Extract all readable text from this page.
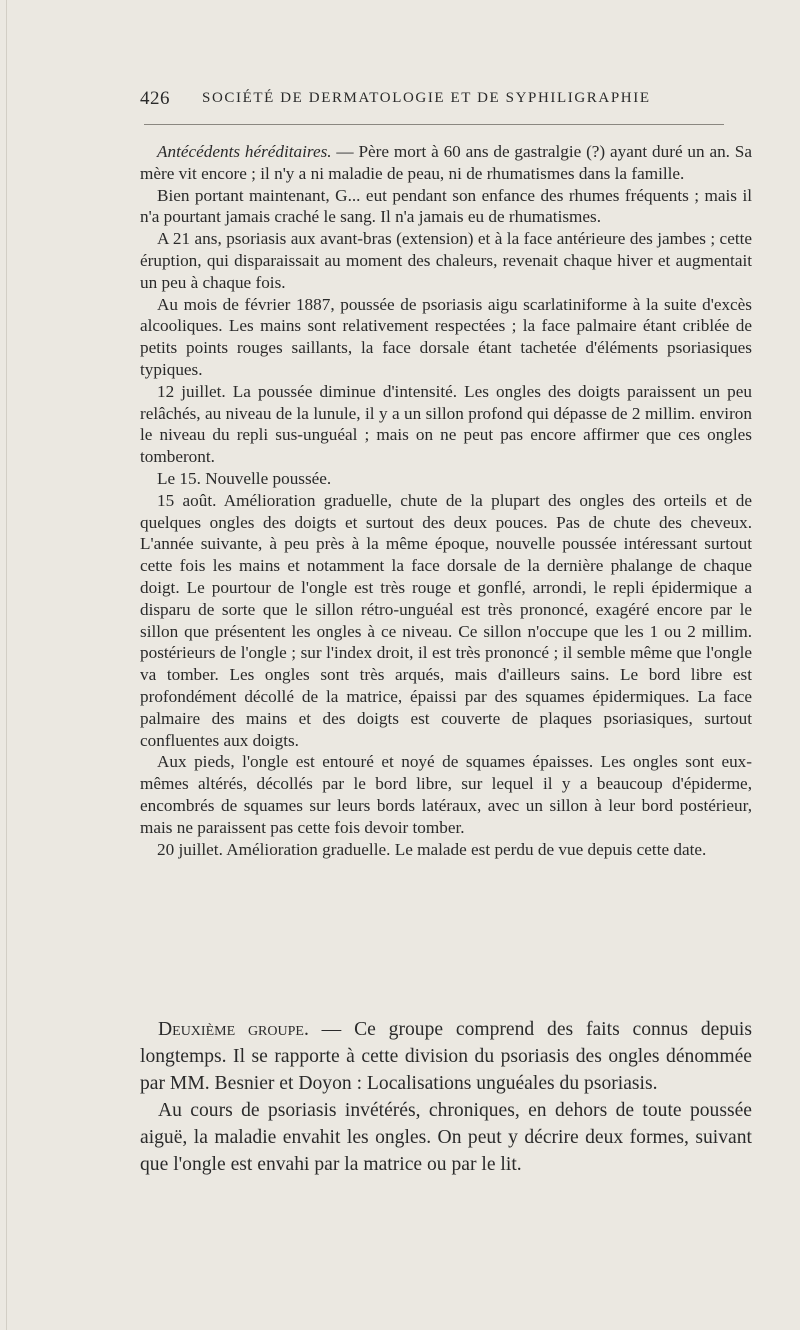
426 SOCIÉTÉ DE DERMATOLOGIE ET DE SYPHILIGRAPHIE

Antécédents héréditaires. — Père mort à 60 ans de gastralgie (?) ayant duré un an. Sa mère vit encore ; il n'y a ni maladie de peau, ni de rhumatismes dans la famille.

Bien portant maintenant, G... eut pendant son enfance des rhumes fréquents ; mais il n'a pourtant jamais craché le sang. Il n'a jamais eu de rhumatismes.

A 21 ans, psoriasis aux avant-bras (extension) et à la face antérieure des jambes ; cette éruption, qui disparaissait au moment des chaleurs, revenait chaque hiver et augmentait un peu à chaque fois.

Au mois de février 1887, poussée de psoriasis aigu scarlatiniforme à la suite d'excès alcooliques. Les mains sont relativement respectées ; la face palmaire étant criblée de petits points rouges saillants, la face dorsale étant tachetée d'éléments psoriasiques typiques.

12 juillet. La poussée diminue d'intensité. Les ongles des doigts paraissent un peu relâchés, au niveau de la lunule, il y a un sillon profond qui dépasse de 2 millim. environ le niveau du repli sus-unguéal ; mais on ne peut pas encore affirmer que ces ongles tomberont.

Le 15. Nouvelle poussée.

15 août. Amélioration graduelle, chute de la plupart des ongles des orteils et de quelques ongles des doigts et surtout des deux pouces. Pas de chute des cheveux. L'année suivante, à peu près à la même époque, nouvelle poussée intéressant surtout cette fois les mains et notamment la face dorsale de la dernière phalange de chaque doigt. Le pourtour de l'ongle est très rouge et gonflé, arrondi, le repli épidermique a disparu de sorte que le sillon rétro-unguéal est très prononcé, exagéré encore par le sillon que présentent les ongles à ce niveau. Ce sillon n'occupe que les 1 ou 2 millim. postérieurs de l'ongle ; sur l'index droit, il est très prononcé ; il semble même que l'ongle va tomber. Les ongles sont très arqués, mais d'ailleurs sains. Le bord libre est profondément décollé de la matrice, épaissi par des squames épidermiques. La face palmaire des mains et des doigts est couverte de plaques psoriasiques, surtout confluentes aux doigts.

Aux pieds, l'ongle est entouré et noyé de squames épaisses. Les ongles sont eux-mêmes altérés, décollés par le bord libre, sur lequel il y a beaucoup d'épiderme, encombrés de squames sur leurs bords latéraux, avec un sillon à leur bord postérieur, mais ne paraissent pas cette fois devoir tomber.

20 juillet. Amélioration graduelle. Le malade est perdu de vue depuis cette date.

Deuxième groupe. — Ce groupe comprend des faits connus depuis longtemps. Il se rapporte à cette division du psoriasis des ongles dénommée par MM. Besnier et Doyon : Localisations unguéales du psoriasis.

Au cours de psoriasis invétérés, chroniques, en dehors de toute poussée aiguë, la maladie envahit les ongles. On peut y décrire deux formes, suivant que l'ongle est envahi par la matrice ou par le lit.
